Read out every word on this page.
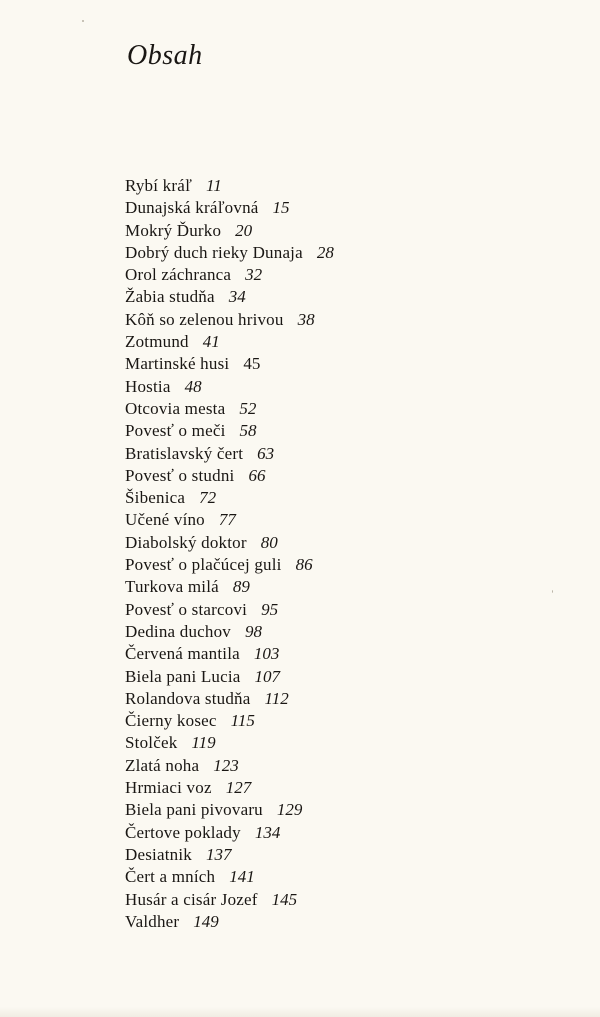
Obsah
Rybí kráľ 11
Dunajská kráľovná 15
Mokrý Ďurko 20
Dobrý duch rieky Dunaja 28
Orol záchranca 32
Žabia studňa 34
Kôň so zelenou hrivou 38
Zotmund 41
Martinské husi 45
Hostia 48
Otcovia mesta 52
Povesť o meči 58
Bratislavský čert 63
Povesť o studni 66
Šibenica 72
Učené víno 77
Diabolský doktor 80
Povesť o plačúcej guli 86
Turkova milá 89
Povesť o starcovi 95
Dedina duchov 98
Červená mantila 103
Biela pani Lucia 107
Rolandova studňa 112
Čierny kosec 115
Stolček 119
Zlatá noha 123
Hrmiaci voz 127
Biela pani pivovaru 129
Čertove poklady 134
Desiatnik 137
Čert a mních 141
Husár a cisár Jozef 145
Valdher 149
